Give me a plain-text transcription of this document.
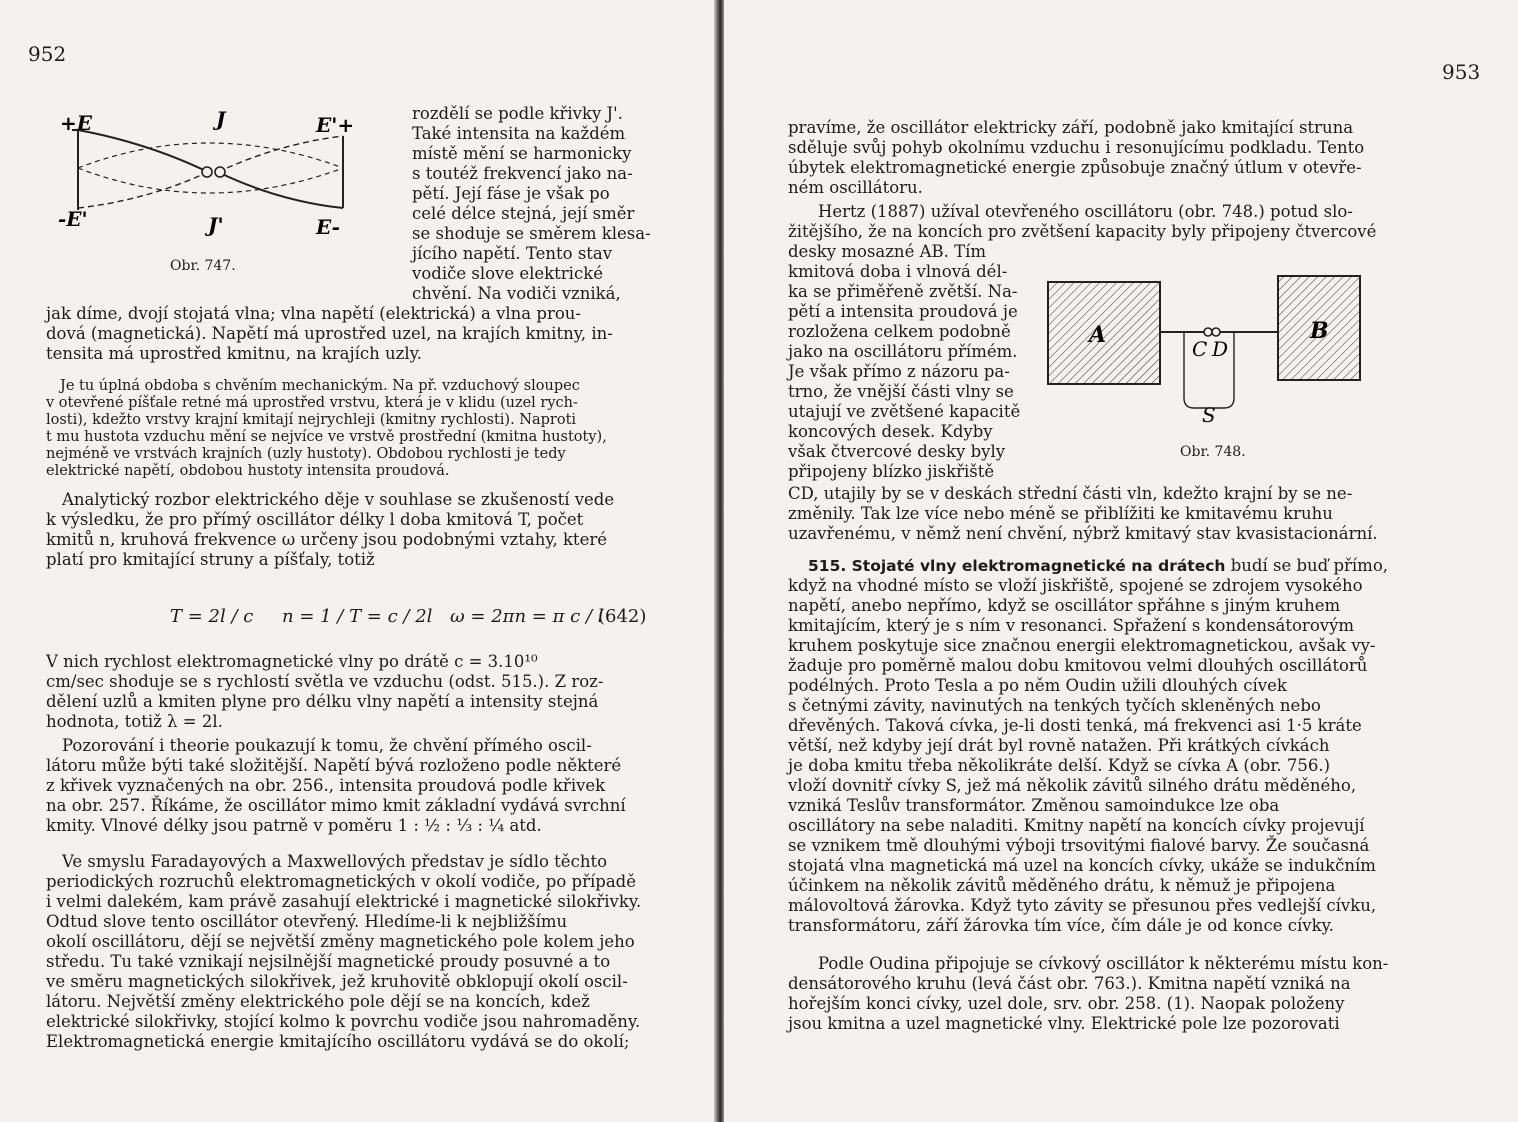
952
+E	J	E'+
-E'	J'	E-
Obr. 747.
rozdělí se podle křivky J'.
Také intensita na každém
místě mění se harmonicky
s toutéž frekvencí jako na-
pětí. Její fáse je však po
celé délce stejná, její směr
se shoduje se směrem klesa-
jícího napětí. Tento stav
vodiče slove elektrické
chvění. Na vodiči vzniká,
jak díme, dvojí stojatá vlna; vlna napětí (elektrická) a vlna prou-
dová (magnetická). Napětí má uprostřed uzel, na krajích kmitny, in-
tensita má uprostřed kmitnu, na krajích uzly.
Je tu úplná obdoba s chvěním mechanickým. Na př. vzduchový sloupec
v otevřené píšťale retné má uprostřed vrstvu, která je v klidu (uzel rych-
losti), kdežto vrstvy krajní kmitají nejrychleji (kmitny rychlosti). Naproti
t mu hustota vzduchu mění se nejvíce ve vrstvě prostřední (kmitna hustoty),
nejméně ve vrstvách krajních (uzly hustoty). Obdobou rychlosti je tedy
elektrické napětí, obdobou hustoty intensita proudová.
Analytický rozbor elektrického děje v souhlase se zkušeností vede
k výsledku, že pro přímý oscillátor délky l doba kmitová T, počet
kmitů n, kruhová frekvence ω určeny jsou podobnými vztahy, které
platí pro kmitající struny a píšťaly, totiž
T = 2l / c n = 1 / T = c / 2l ω = 2πn = π c / l
(642)
V nich rychlost elektromagnetické vlny po drátě c = 3.10¹⁰
cm/sec shoduje se s rychlostí světla ve vzduchu (odst. 515.). Z roz-
dělení uzlů a kmiten plyne pro délku vlny napětí a intensity stejná
hodnota, totiž λ = 2l.
Pozorování i theorie poukazují k tomu, že chvění přímého oscil-
látoru může býti také složitější. Napětí bývá rozloženo podle některé
z křivek vyznačených na obr. 256., intensita proudová podle křivek
na obr. 257. Říkáme, že oscillátor mimo kmit základní vydává svrchní
kmity. Vlnové délky jsou patrně v poměru 1 : ½ : ⅓ : ¼ atd.
Ve smyslu Faradayových a Maxwellových představ je sídlo těchto
periodických rozruchů elektromagnetických v okolí vodiče, po případě
i velmi dalekém, kam právě zasahují elektrické i magnetické silokřivky.
Odtud slove tento oscillátor otevřený. Hledíme-li k nejbližšímu
okolí oscillátoru, dějí se největší změny magnetického pole kolem jeho
středu. Tu také vznikají nejsilnější magnetické proudy posuvné a to
ve směru magnetických silokřivek, jež kruhovitě obklopují okolí oscil-
látoru. Největší změny elektrického pole dějí se na koncích, kdež
elektrické silokřivky, stojící kolmo k povrchu vodiče jsou nahromaděny.
Elektromagnetická energie kmitajícího oscillátoru vydává se do okolí;
953
pravíme, že oscillátor elektricky září, podobně jako kmitající struna
sděluje svůj pohyb okolnímu vzduchu i resonujícímu podkladu. Tento
úbytek elektromagnetické energie způsobuje značný útlum v otevře-
ném oscillátoru.
Hertz (1887) užíval otevřeného oscillátoru (obr. 748.) potud slo-
žitějšího, že na koncích pro zvětšení kapacity byly připojeny čtvercové
desky mosazné AB. Tím
kmitová doba i vlnová dél-
ka se přiměřeně zvětší. Na-
pětí a intensita proudová je
rozložena celkem podobně
jako na oscillátoru přímém.
Je však přímo z názoru pa-
trno, že vnější části vlny se
utajují ve zvětšené kapacitě
koncových desek. Kdyby
však čtvercové desky byly
připojeny blízko jiskřiště
A	B
C D
S
Obr. 748.
CD, utajily by se v deskách střední části vln, kdežto krajní by se ne-
změnily. Tak lze více nebo méně se přiblížiti ke kmitavému kruhu
uzavřenému, v němž není chvění, nýbrž kmitavý stav kvasistacionární.
515. Stojaté vlny elektromagnetické na drátech budí se buď přímo,
když na vhodné místo se vloží jiskřiště, spojené se zdrojem vysokého
napětí, anebo nepřímo, když se oscillátor spřáhne s jiným kruhem
kmitajícím, který je s ním v resonanci. Spřažení s kondensátorovým
kruhem poskytuje sice značnou energii elektromagnetickou, avšak vy-
žaduje pro poměrně malou dobu kmitovou velmi dlouhých oscillátorů
podélných. Proto Tesla a po něm Oudin užili dlouhých cívek
s četnými závity, navinutých na tenkých tyčích skleněných nebo
dřevěných. Taková cívka, je-li dosti tenká, má frekvenci asi 1·5 kráte
větší, než kdyby její drát byl rovně natažen. Při krátkých cívkách
je doba kmitu třeba několikráte delší. Když se cívka A (obr. 756.)
vloží dovnitř cívky S, jež má několik závitů silného drátu měděného,
vzniká Teslův transformátor. Změnou samoindukce lze oba
oscillátory na sebe naladiti. Kmitny napětí na koncích cívky projevují
se vznikem tmě dlouhými výboji trsovitými fialové barvy. Že současná
stojatá vlna magnetická má uzel na koncích cívky, ukáže se indukčním
účinkem na několik závitů měděného drátu, k němuž je připojena
málovoltová žárovka. Když tyto závity se přesunou přes vedlejší cívku,
transformátoru, září žárovka tím více, čím dále je od konce cívky.
Podle Oudina připojuje se cívkový oscillátor k některému místu kon-
densátorového kruhu (levá část obr. 763.). Kmitna napětí vzniká na
hořejším konci cívky, uzel dole, srv. obr. 258. (1). Naopak položeny
jsou kmitna a uzel magnetické vlny. Elektrické pole lze pozorovati
